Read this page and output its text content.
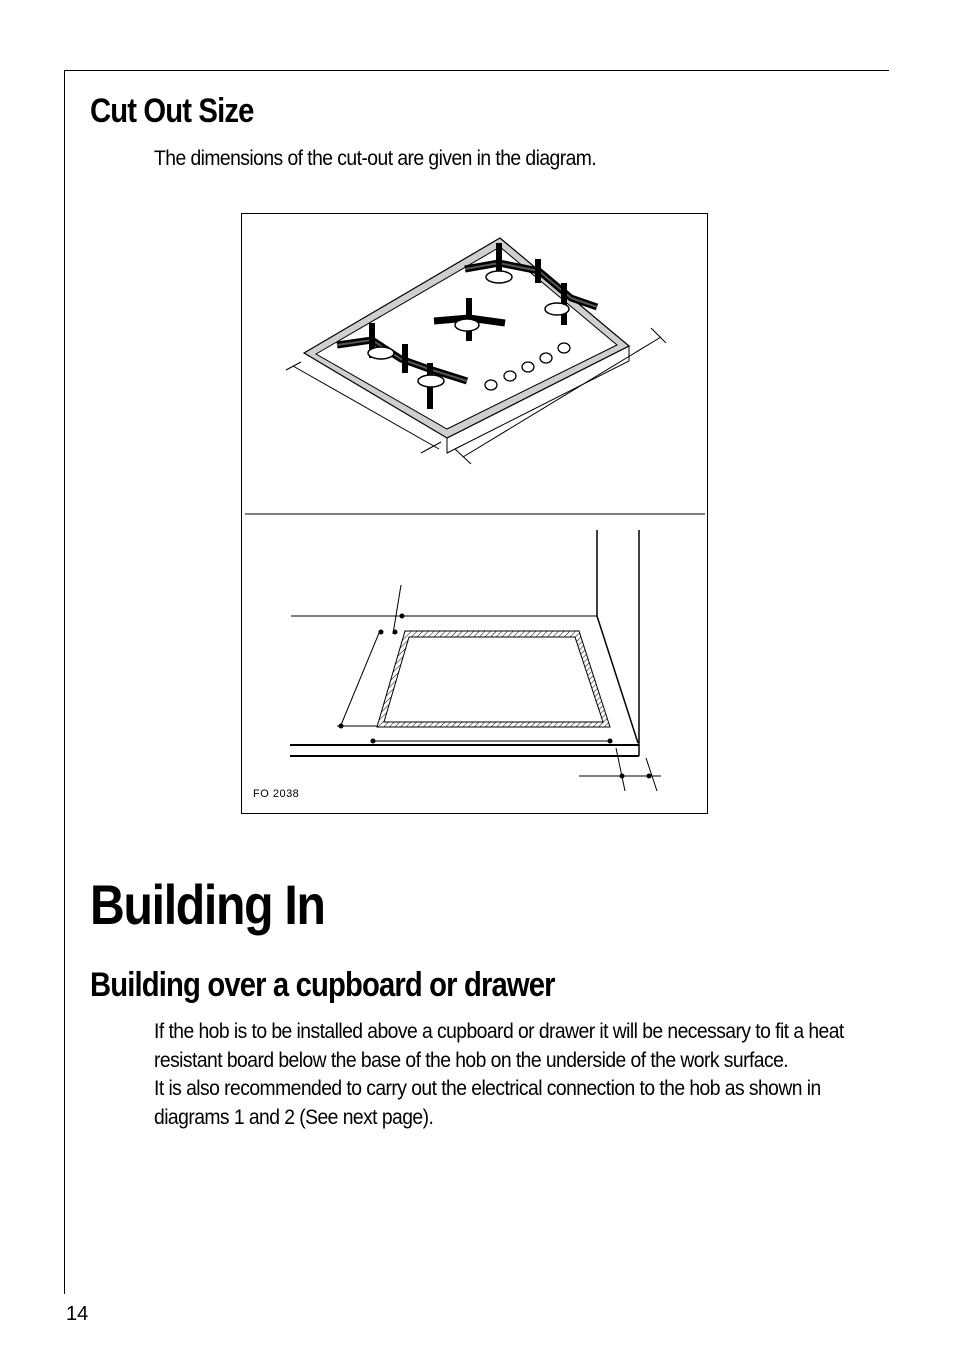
Cut Out Size

The dimensions of the cut-out are given in the diagram.

FO 2038
Building In
Building over a cupboard or drawer

If the hob is to be installed above a cupboard or drawer it will be necessary to fit a heat

resistant board below the base of the hob on the underside of the work surface.

It is also recommended to carry out the electrical connection to the hob as shown in

diagrams 1 and 2 (See next page).

14
